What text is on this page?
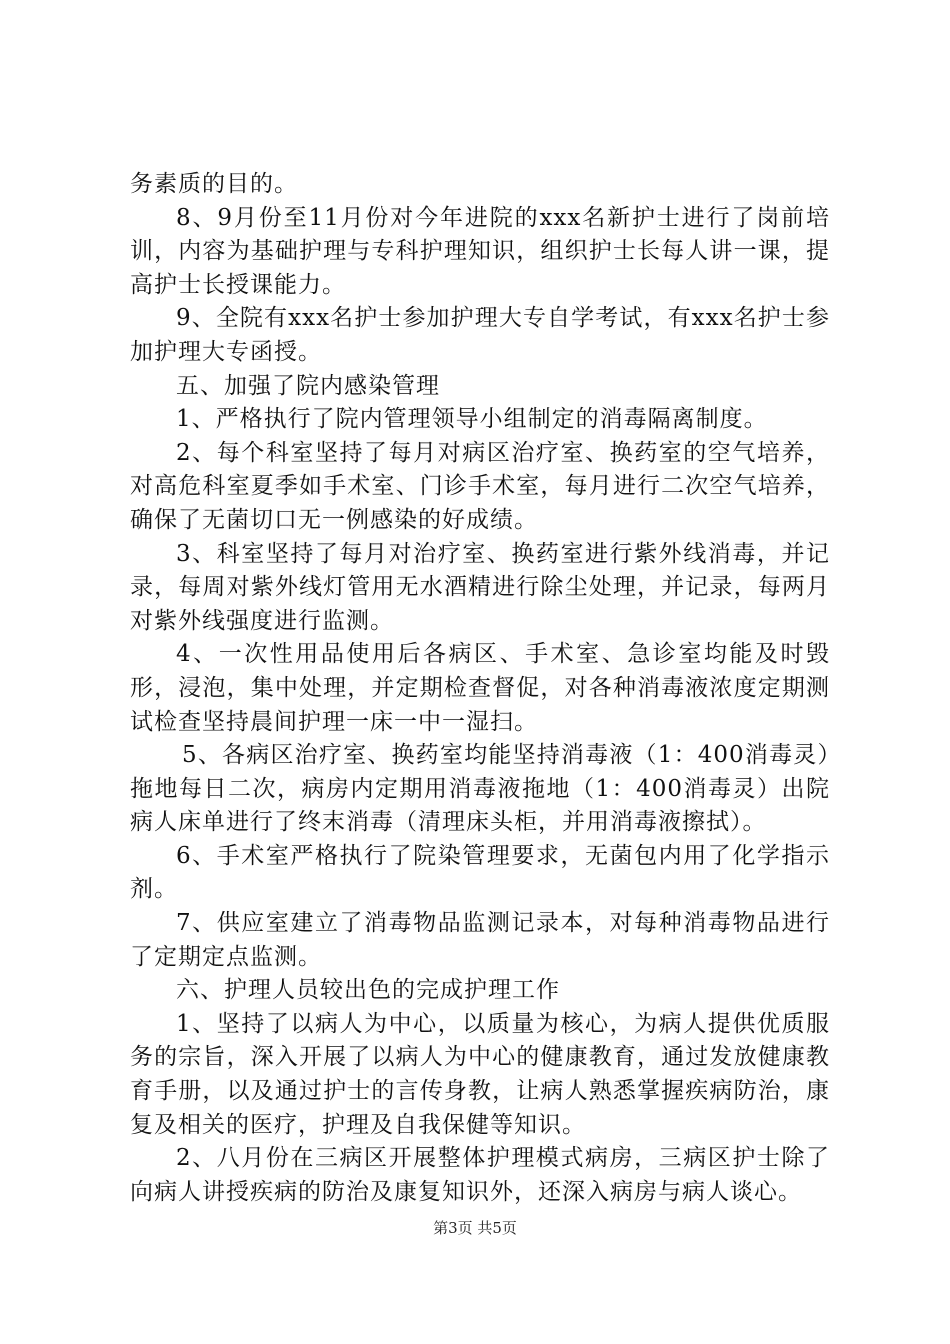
务素质的目的。

8、9月份至11月份对今年进院的xxx名新护士进行了岗前培训，内容为基础护理与专科护理知识，组织护士长每人讲一课，提高护士长授课能力。

9、全院有xxx名护士参加护理大专自学考试，有xxx名护士参加护理大专函授。

五、加强了院内感染管理

1、严格执行了院内管理领导小组制定的消毒隔离制度。

2、每个科室坚持了每月对病区治疗室、换药室的空气培养，对高危科室夏季如手术室、门诊手术室，每月进行二次空气培养，确保了无菌切口无一例感染的好成绩。

3、科室坚持了每月对治疗室、换药室进行紫外线消毒，并记录，每周对紫外线灯管用无水酒精进行除尘处理，并记录，每两月对紫外线强度进行监测。

4、一次性用品使用后各病区、手术室、急诊室均能及时毁形，浸泡，集中处理，并定期检查督促，对各种消毒液浓度定期测试检查坚持晨间护理一床一中一湿扫。

5、各病区治疗室、换药室均能坚持消毒液（1：400消毒灵）拖地每日二次，病房内定期用消毒液拖地（1：400消毒灵）出院病人床单进行了终末消毒（清理床头柜，并用消毒液擦拭）。

6、手术室严格执行了院染管理要求，无菌包内用了化学指示剂。

7、供应室建立了消毒物品监测记录本，对每种消毒物品进行了定期定点监测。

六、护理人员较出色的完成护理工作

1、坚持了以病人为中心，以质量为核心，为病人提供优质服务的宗旨，深入开展了以病人为中心的健康教育，通过发放健康教育手册，以及通过护士的言传身教，让病人熟悉掌握疾病防治，康复及相关的医疗，护理及自我保健等知识。

2、八月份在三病区开展整体护理模式病房，三病区护士除了向病人讲授疾病的防治及康复知识外，还深入病房与病人谈心。

第3页 共5页
